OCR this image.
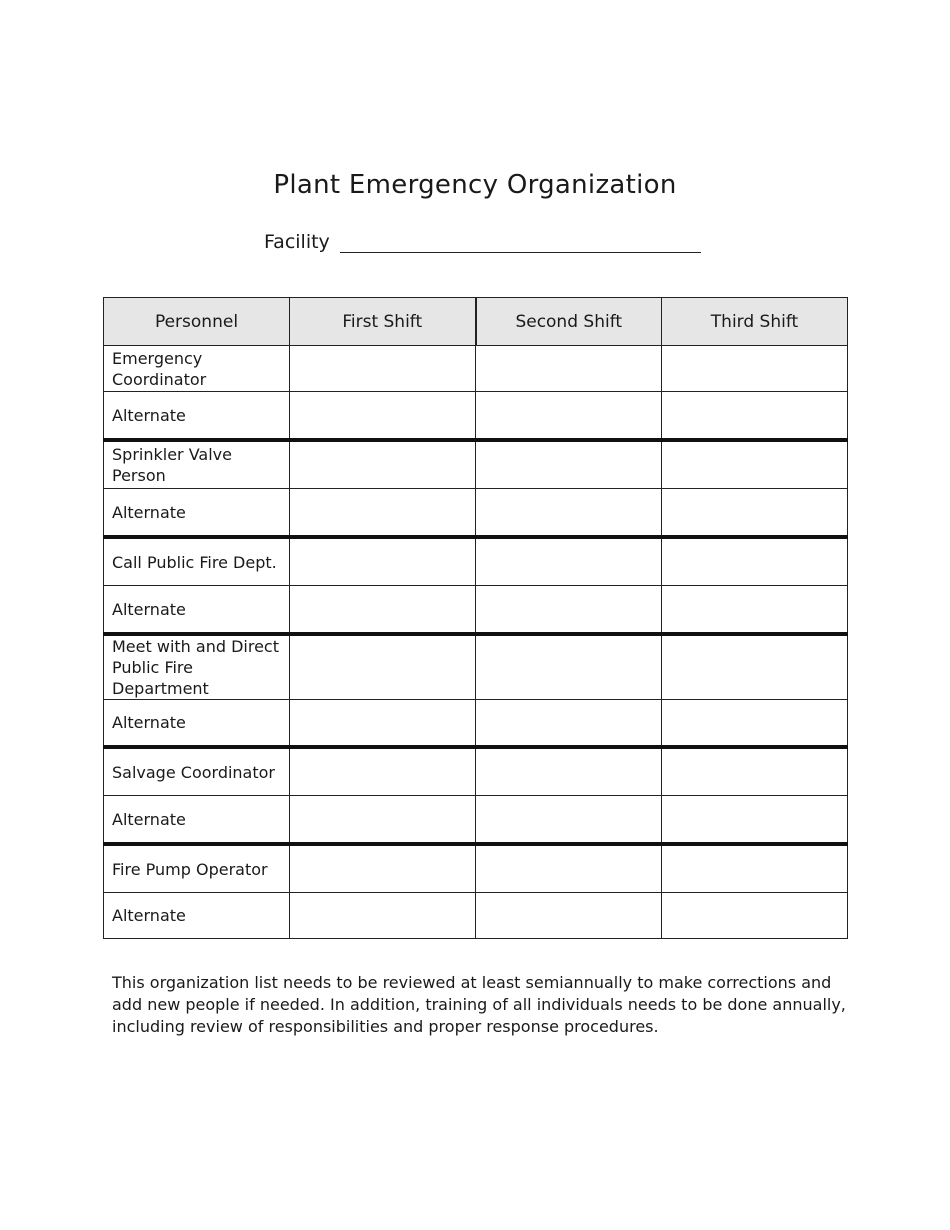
Plant Emergency Organization
Facility
Personnel	First Shift	Second Shift	Third Shift
Emergency Coordinator			
Alternate			
Sprinkler Valve Person			
Alternate			
Call Public Fire Dept.			
Alternate			
Meet with and Direct Public Fire Department			
Alternate			
Salvage Coordinator			
Alternate			
Fire Pump Operator			
Alternate			
This organization list needs to be reviewed at least semiannually to make corrections and add new people if needed. In addition, training of all individuals needs to be done annually, including review of responsibilities and proper response procedures.
